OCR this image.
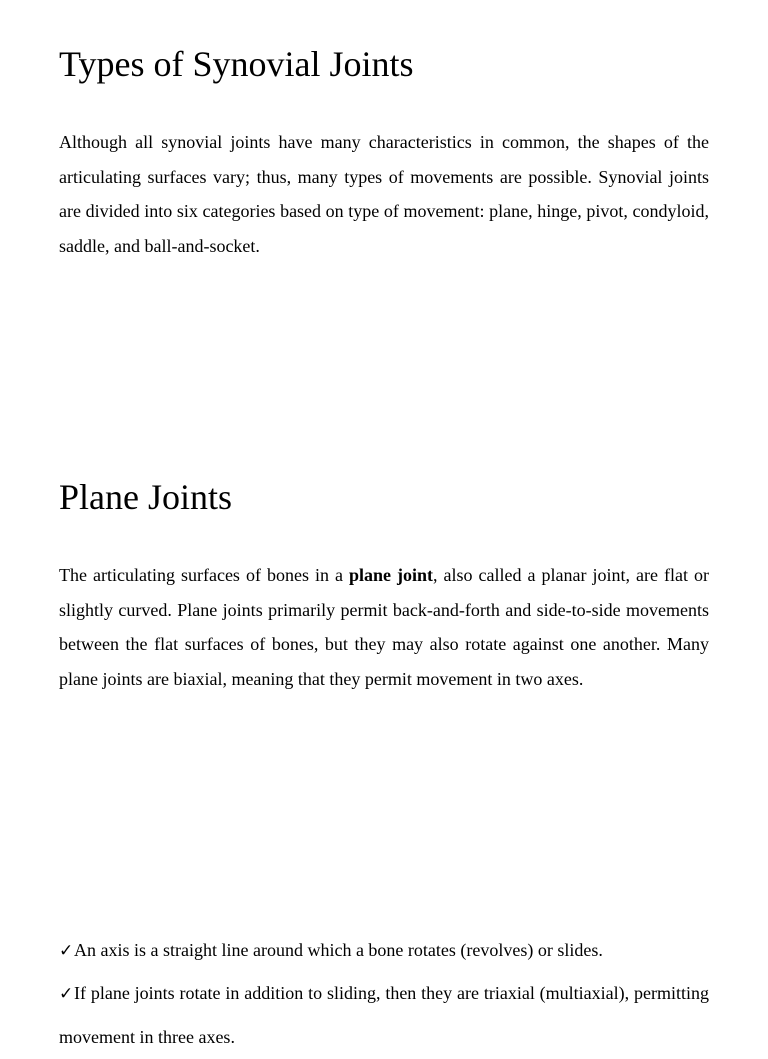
Types of Synovial Joints

Although all synovial joints have many characteristics in common, the shapes of the articulating surfaces vary; thus, many types of movements are possible. Synovial joints are divided into six categories based on type of movement: plane, hinge, pivot, condyloid, saddle, and ball-and-socket.

Plane Joints

The articulating surfaces of bones in a plane joint, also called a planar joint, are flat or slightly curved. Plane joints primarily permit back-and-forth and side-to-side movements between the flat surfaces of bones, but they may also rotate against one another. Many plane joints are biaxial, meaning that they permit movement in two axes.

✓An axis is a straight line around which a bone rotates (revolves) or slides.

✓If plane joints rotate in addition to sliding, then they are triaxial (multiaxial), permitting movement in three axes.
